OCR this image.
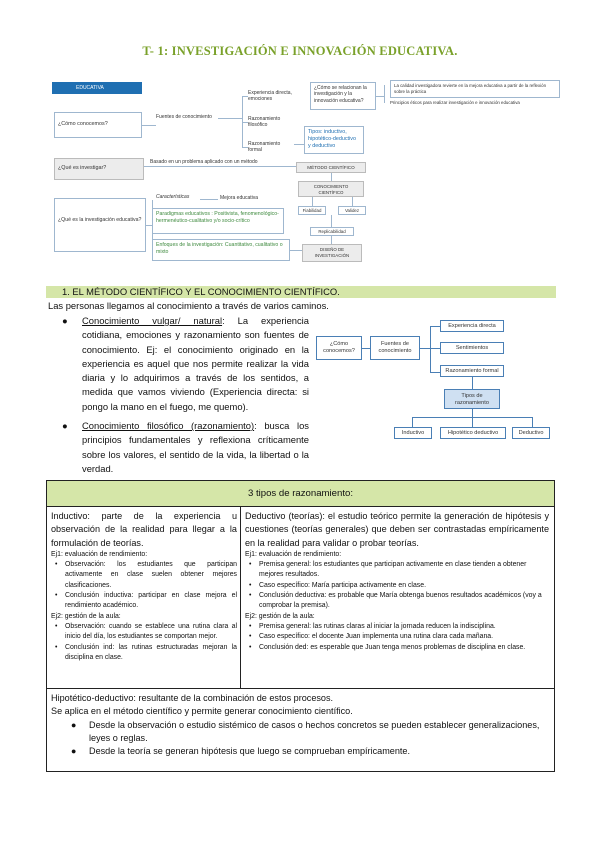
T- 1: INVESTIGACIÓN E INNOVACIÓN EDUCATIVA.
EDUCATIVA
¿Cómo conocemos?
Fuentes de conocimiento
Experiencia directa, emociones
Razonamiento filosófico
Razonamiento formal
Tipos: inductivo, hipotético-deductivo y deductivo
¿Cómo se relacionan la investigación y la innovación educativa?
La calidad investigadora revierte en la mejora educativa a partir de la reflexión sobre la práctica
Principios éticos para realizar investigación e innovación educativa
¿Qué es investigar?
Basado en un problema aplicado con un método
MÉTODO CIENTÍFICO
CONOCIMIENTO CIENTÍFICO
Fiabilidad	Validez
Replicabilidad
DISEÑO DE INVESTIGACIÓN
¿Qué es la investigación educativa?
Características	Mejora educativa
Paradigmas educativos : Positivista, fenomenológico-hermenéutico-cualitativo y/o socio-crítico
Enfoques de la investigación: Cuantitativo, cualitativo o mixto
1. EL MÉTODO CIENTÍFICO Y EL CONOCIMIENTO CIENTÍFICO.
Las personas llegamos al conocimiento a través de varios caminos.
● Conocimiento vulgar/ natural: La experiencia cotidiana, emociones y razonamiento son fuentes de conocimiento. Ej: el conocimiento originado en la experiencia es aquel que nos permite realizar la vida diaria y lo adquirimos a través de los sentidos, a medida que vamos viviendo (Experiencia directa: si pongo la mano en el fuego, me quemo).
● Conocimiento filosófico (razonamiento): busca los principios fundamentales y reflexiona críticamente sobre los valores, el sentido de la vida, la libertad o la verdad.
¿Cómo conocemos?
Fuentes de conocimiento
Experiencia directa
Sentimientos
Razonamiento formal
Tipos de razonamiento
Inductivo	Hipotético deductivo	Deductivo
3 tipos de razonamiento:
Inductivo: parte de la experiencia u observación de la realidad para llegar a la formulación de teorías.
Ej1: evaluación de rendimiento:
• Observación: los estudiantes que participan activamente en clase suelen obtener mejores clasificaciones.
• Conclusión inductiva: participar en clase mejora el rendimiento académico.
Ej2: gestión de la aula:
• Observación: cuando se establece una rutina clara al inicio del día, los estudiantes se comportan mejor.
• Conclusión ind: las rutinas estructuradas mejoran la disciplina en clase.
Deductivo (teorías): el estudio teórico permite la generación de hipótesis y cuestiones (teorías generales) que deben ser contrastadas empíricamente en la realidad para validar o probar teorías.
Ej1: evaluación de rendimiento:
• Premisa general: los estudiantes que participan activamente en clase tienden a obtener mejores resultados.
• Caso específico: María participa activamente en clase.
• Conclusión deductiva: es probable que María obtenga buenos resultados académicos (voy a comprobar la premisa).
Ej2: gestión de la aula:
• Premisa general: las rutinas claras al iniciar la jornada reducen la indisciplina.
• Caso específico: el docente Juan implementa una rutina clara cada mañana.
• Conclusión ded: es esperable que Juan tenga menos problemas de disciplina en clase.
Hipotético-deductivo: resultante de la combinación de estos procesos.
Se aplica en el método científico y permite generar conocimiento científico.
● Desde la observación o estudio sistémico de casos o hechos concretos se pueden establecer generalizaciones, leyes o reglas.
● Desde la teoría se generan hipótesis que luego se comprueban empíricamente.
